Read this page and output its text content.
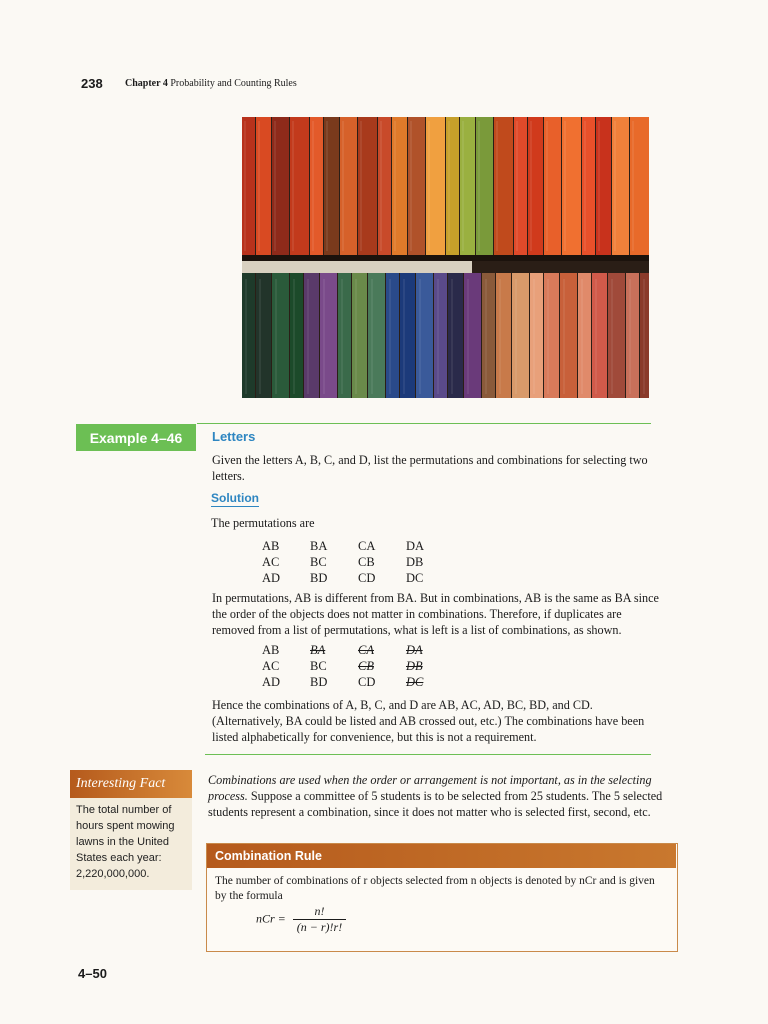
238 Chapter 4 Probability and Counting Rules
Example 4–46	Letters
Given the letters A, B, C, and D, list the permutations and combinations for selecting two letters.
Solution
The permutations are
AB	BA	CA	DA
AC	BC	CB	DB
AD	BD	CD	DC
In permutations, AB is different from BA. But in combinations, AB is the same as BA since the order of the objects does not matter in combinations. Therefore, if duplicates are removed from a list of permutations, what is left is a list of combinations, as shown.
AB	BA	CA	DA
AC	BC	CB	DB
AD	BD	CD	DC
Hence the combinations of A, B, C, and D are AB, AC, AD, BC, BD, and CD. (Alternatively, BA could be listed and AB crossed out, etc.) The combinations have been listed alphabetically for convenience, but this is not a requirement.
Interesting Fact
The total number of hours spent mowing lawns in the United States each year: 2,220,000,000.
Combinations are used when the order or arrangement is not important, as in the selecting process. Suppose a committee of 5 students is to be selected from 25 students. The 5 selected students represent a combination, since it does not matter who is selected first, second, etc.
Combination Rule
The number of combinations of r objects selected from n objects is denoted by nCr and is given by the formula
nCr = $\frac{n!}{(n - r)!r!}$
4–50
